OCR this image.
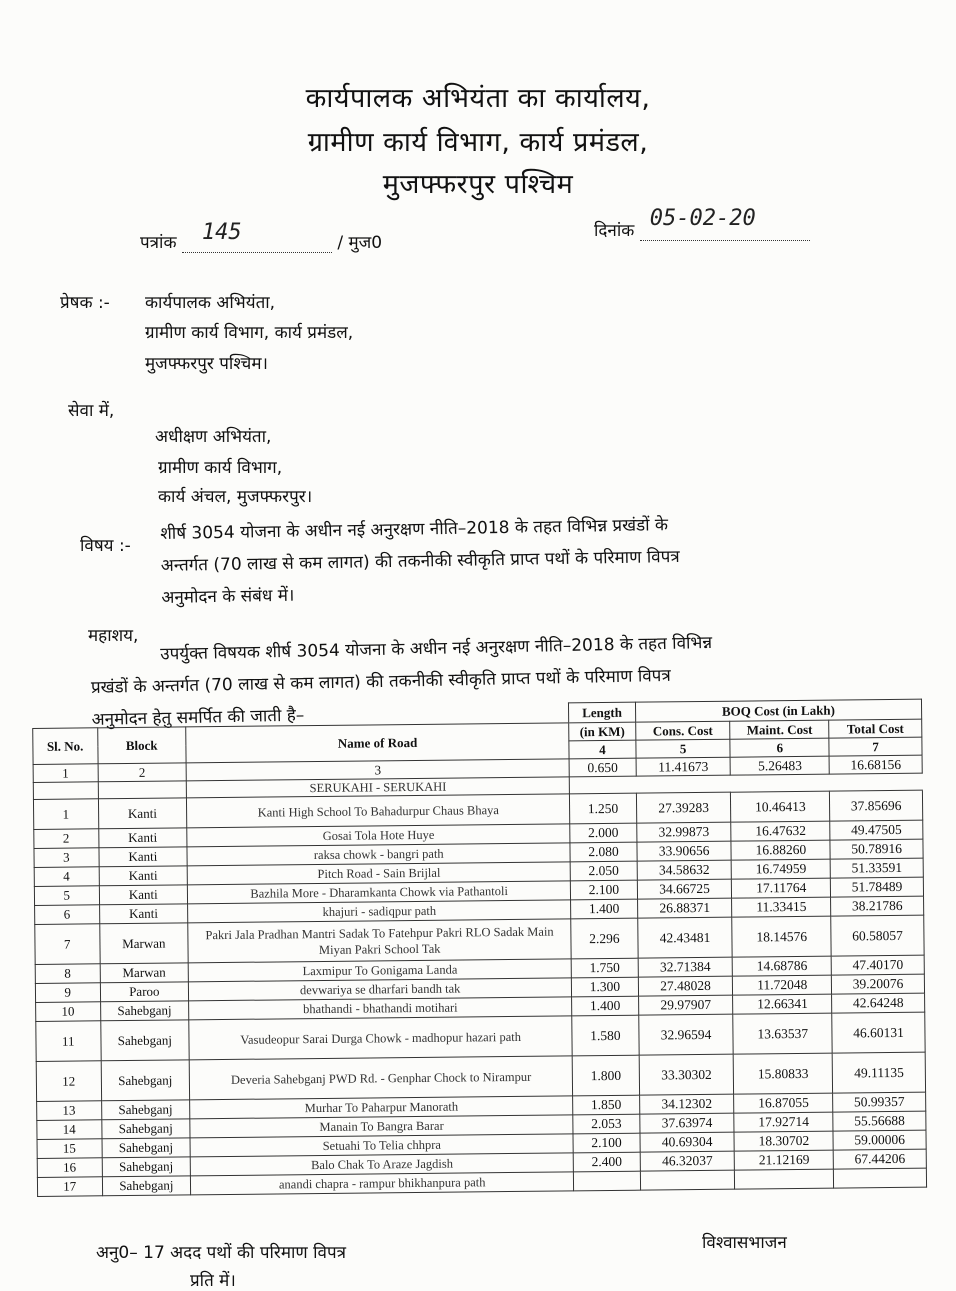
कार्यपालक अभियंता का कार्यालय,
ग्रामीण कार्य विभाग, कार्य प्रमंडल,
मुजफ्फरपुर पश्चिम
पत्रांक 145	/ मुज0
दिनांक 05-02-20
प्रेषक :- कार्यपालक अभियंता,
ग्रामीण कार्य विभाग, कार्य प्रमंडल,
मुजफ्फरपुर पश्चिम।
सेवा में,
अधीक्षण अभियंता,
ग्रामीण कार्य विभाग,
कार्य अंचल, मुजफ्फरपुर।
विषय :-
शीर्ष 3054 योजना के अधीन नई अनुरक्षण नीति–2018 के तहत विभिन्न प्रखंडों के
अन्तर्गत (70 लाख से कम लागत) की तकनीकी स्वीकृति प्राप्त पथों के परिमाण विपत्र
अनुमोदन के संबंध में।
महाशय,	उपर्युक्त विषयक शीर्ष 3054 योजना के अधीन नई अनुरक्षण नीति–2018 के तहत विभिन्न
प्रखंडों के अन्तर्गत (70 लाख से कम लागत) की तकनीकी स्वीकृति प्राप्त पथों के परिमाण विपत्र
अनुमोदन हेतु समर्पित की जाती है–
			Length	BOQ Cost (in Lakh)		
Sl. No.	Block	Name of Road	(in KM)	Cons. Cost	Maint. Cost	Total Cost
			4	5	6	7
1	2	3	0.650	11.41673	5.26483	16.68156
		SERUKAHI - SERUKAHI				
1	Kanti	Kanti High School To Bahadurpur Chaus Bhaya	1.250	27.39283	10.46413	37.85696
2	Kanti	Gosai Tola Hote Huye	2.000	32.99873	16.47632	49.47505
3	Kanti	raksa chowk - bangri path	2.080	33.90656	16.88260	50.78916
4	Kanti	Pitch Road - Sain Brijlal	2.050	34.58632	16.74959	51.33591
5	Kanti	Bazhila More - Dharamkanta Chowk via Pathantoli	2.100	34.66725	17.11764	51.78489
6	Kanti	khajuri - sadiqpur path	1.400	26.88371	11.33415	38.21786
7	Marwan	Pakri Jala Pradhan Mantri Sadak To Fatehpur Pakri RLO Sadak Main Miyan Pakri School Tak	2.296	42.43481	18.14576	60.58057
8	Marwan	Laxmipur To Gonigama Landa	1.750	32.71384	14.68786	47.40170
9	Paroo	devwariya se dharfari bandh tak	1.300	27.48028	11.72048	39.20076
10	Sahebganj	bhathandi - bhathandi motihari	1.400	29.97907	12.66341	42.64248
11	Sahebganj	Vasudeopur Sarai Durga Chowk - madhopur hazari path	1.580	32.96594	13.63537	46.60131
12	Sahebganj	Deveria Sahebganj PWD Rd. - Genphar Chock to Nirampur	1.800	33.30302	15.80833	49.11135
13	Sahebganj	Murhar To Paharpur Manorath	1.850	34.12302	16.87055	50.99357
14	Sahebganj	Manain To Bangra Barar	2.053	37.63974	17.92714	55.56688
15	Sahebganj	Setuahi To Telia chhpra	2.100	40.69304	18.30702	59.00006
16	Sahebganj	Balo Chak To Araze Jagdish	2.400	46.32037	21.12169	67.44206
17	Sahebganj	anandi chapra - rampur bhikhanpura path				
अनु0– 17 अदद पथों की परिमाण विपत्र	विश्वासभाजन
प्रति में।
